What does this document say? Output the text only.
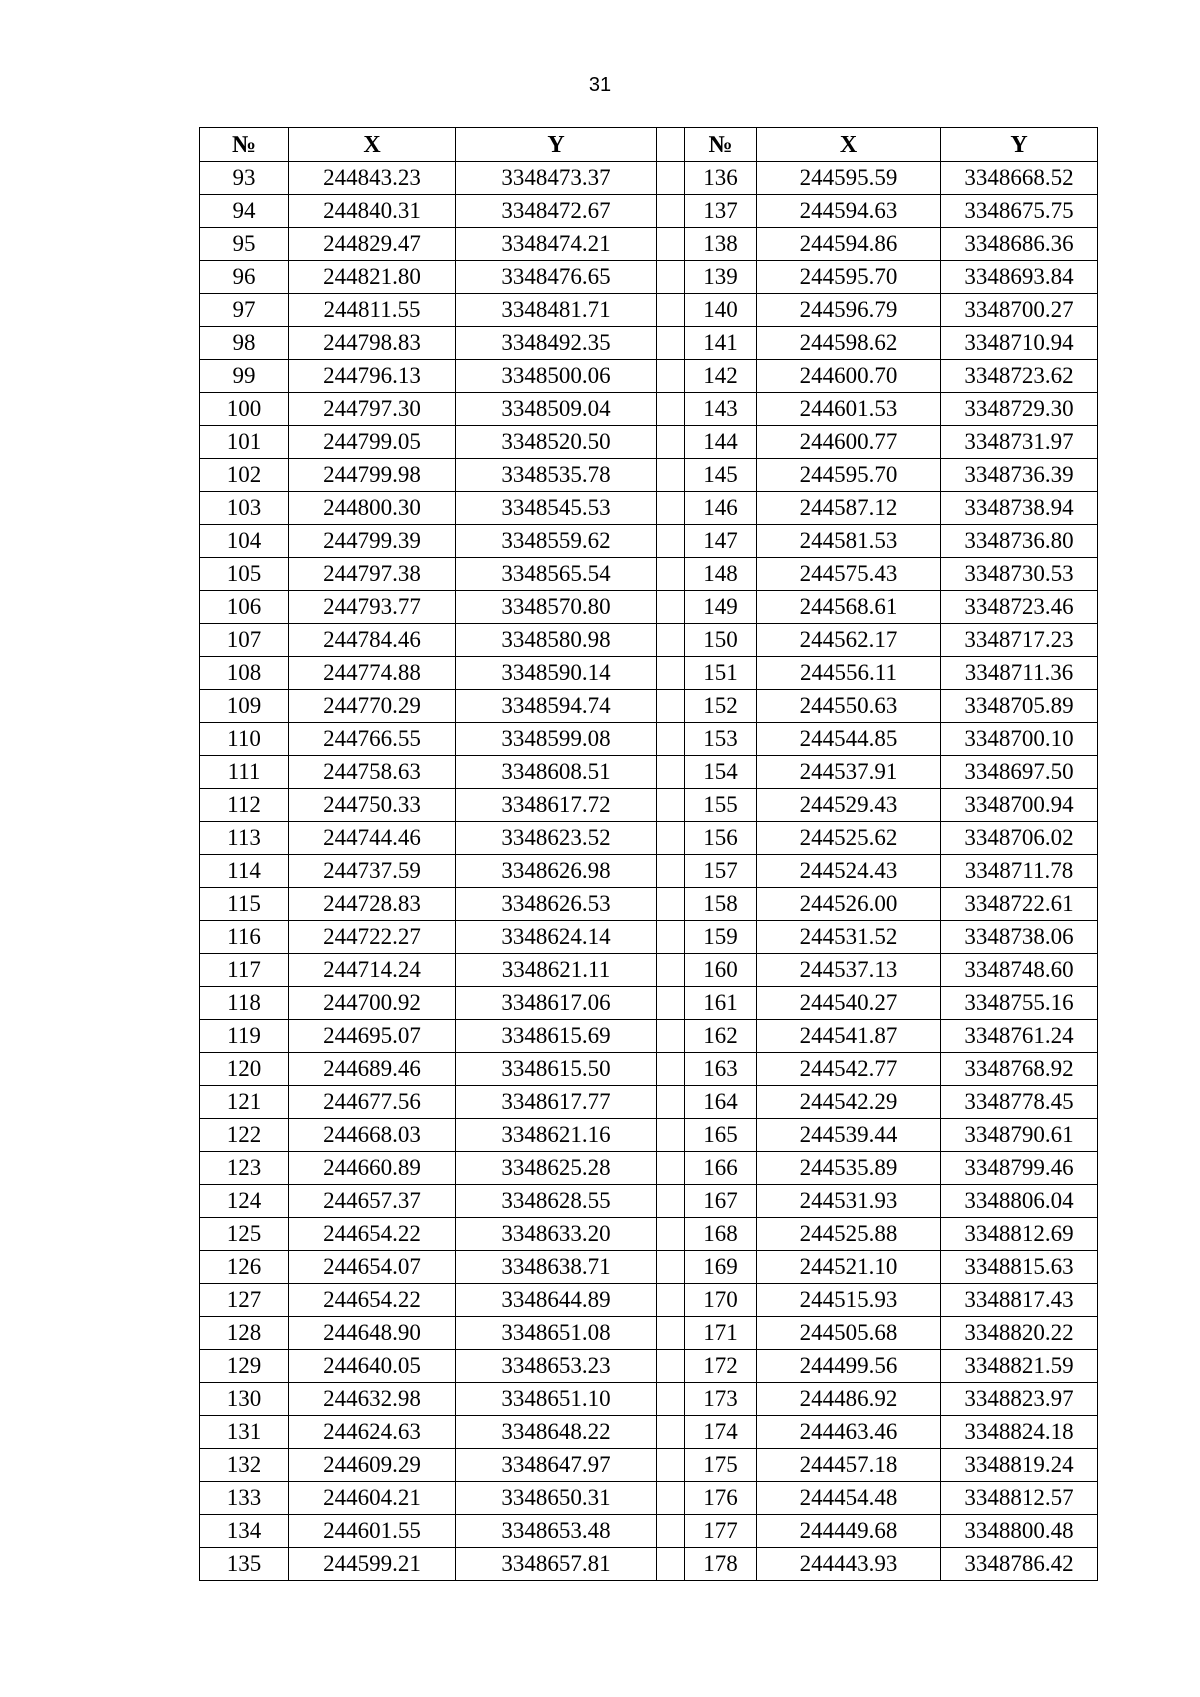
31
№	X	Y		№	X	Y
93	244843.23	3348473.37		136	244595.59	3348668.52
94	244840.31	3348472.67		137	244594.63	3348675.75
95	244829.47	3348474.21		138	244594.86	3348686.36
96	244821.80	3348476.65		139	244595.70	3348693.84
97	244811.55	3348481.71		140	244596.79	3348700.27
98	244798.83	3348492.35		141	244598.62	3348710.94
99	244796.13	3348500.06		142	244600.70	3348723.62
100	244797.30	3348509.04		143	244601.53	3348729.30
101	244799.05	3348520.50		144	244600.77	3348731.97
102	244799.98	3348535.78		145	244595.70	3348736.39
103	244800.30	3348545.53		146	244587.12	3348738.94
104	244799.39	3348559.62		147	244581.53	3348736.80
105	244797.38	3348565.54		148	244575.43	3348730.53
106	244793.77	3348570.80		149	244568.61	3348723.46
107	244784.46	3348580.98		150	244562.17	3348717.23
108	244774.88	3348590.14		151	244556.11	3348711.36
109	244770.29	3348594.74		152	244550.63	3348705.89
110	244766.55	3348599.08		153	244544.85	3348700.10
111	244758.63	3348608.51		154	244537.91	3348697.50
112	244750.33	3348617.72		155	244529.43	3348700.94
113	244744.46	3348623.52		156	244525.62	3348706.02
114	244737.59	3348626.98		157	244524.43	3348711.78
115	244728.83	3348626.53		158	244526.00	3348722.61
116	244722.27	3348624.14		159	244531.52	3348738.06
117	244714.24	3348621.11		160	244537.13	3348748.60
118	244700.92	3348617.06		161	244540.27	3348755.16
119	244695.07	3348615.69		162	244541.87	3348761.24
120	244689.46	3348615.50		163	244542.77	3348768.92
121	244677.56	3348617.77		164	244542.29	3348778.45
122	244668.03	3348621.16		165	244539.44	3348790.61
123	244660.89	3348625.28		166	244535.89	3348799.46
124	244657.37	3348628.55		167	244531.93	3348806.04
125	244654.22	3348633.20		168	244525.88	3348812.69
126	244654.07	3348638.71		169	244521.10	3348815.63
127	244654.22	3348644.89		170	244515.93	3348817.43
128	244648.90	3348651.08		171	244505.68	3348820.22
129	244640.05	3348653.23		172	244499.56	3348821.59
130	244632.98	3348651.10		173	244486.92	3348823.97
131	244624.63	3348648.22		174	244463.46	3348824.18
132	244609.29	3348647.97		175	244457.18	3348819.24
133	244604.21	3348650.31		176	244454.48	3348812.57
134	244601.55	3348653.48		177	244449.68	3348800.48
135	244599.21	3348657.81		178	244443.93	3348786.42
